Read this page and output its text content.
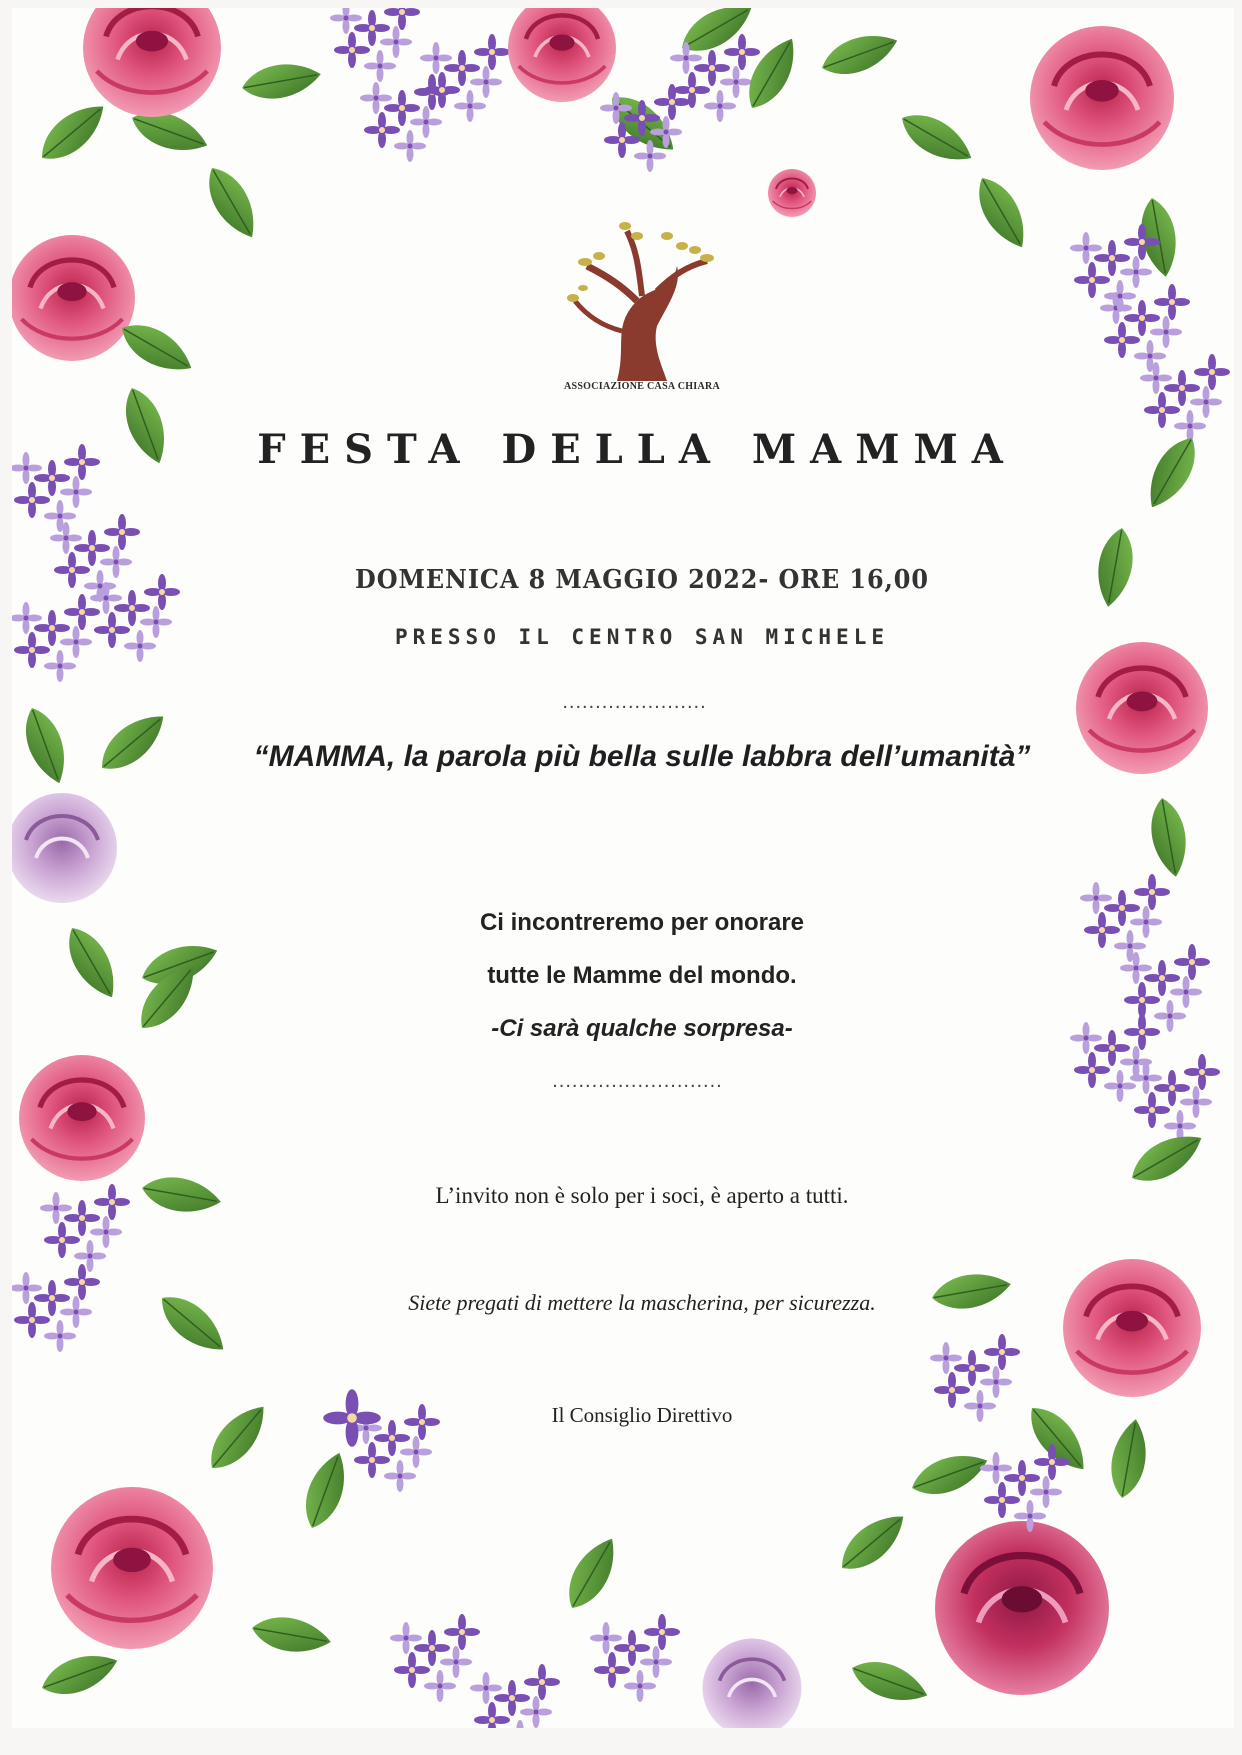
ASSOCIAZIONE CASA CHIARA
FESTA DELLA MAMMA
DOMENICA 8 MAGGIO 2022- ORE 16,00
PRESSO IL CENTRO SAN MICHELE
......................
“MAMMA, la parola più bella sulle labbra dell’umanità”
Ci incontreremo per onorare
tutte le Mamme del mondo.
-Ci sarà qualche sorpresa-
..........................
L’invito non è solo per i soci, è aperto a tutti.
Siete pregati di mettere la mascherina, per sicurezza.
Il Consiglio Direttivo
